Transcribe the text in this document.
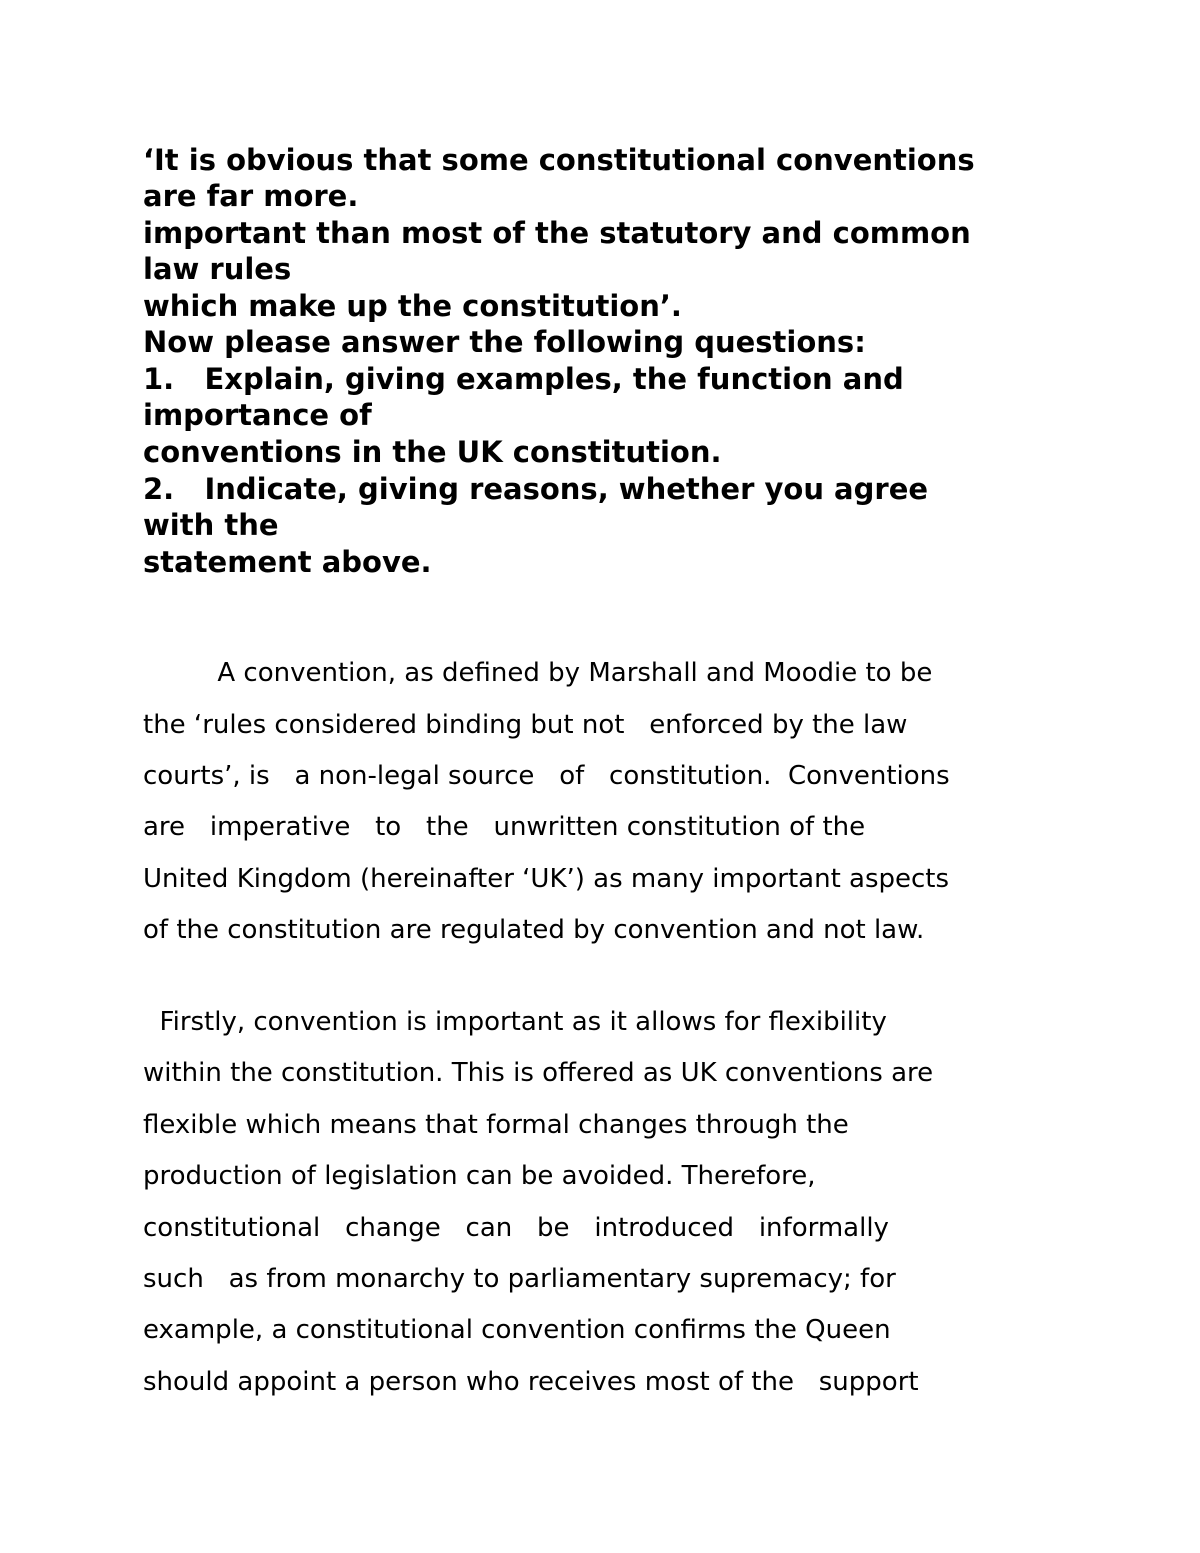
‘It is obvious that some constitutional conventions
are far more.
important than most of the statutory and common
law rules
which make up the constitution’.
Now please answer the following questions:
1.   Explain, giving examples, the function and
importance of
conventions in the UK constitution.
2.   Indicate, giving reasons, whether you agree
with the
statement above.
A convention, as defined by Marshall and Moodie to be
the ‘rules considered binding but not   enforced by the law
courts’, is   a non-legal source   of   constitution.  Conventions
are   imperative   to   the   unwritten constitution of the
United Kingdom (hereinafter ‘UK’) as many important aspects
of the constitution are regulated by convention and not law.
Firstly, convention is important as it allows for flexibility
within the constitution. This is offered as UK conventions are
flexible which means that formal changes through the
production of legislation can be avoided. Therefore,
constitutional   change   can   be   introduced   informally
such   as from monarchy to parliamentary supremacy; for
example, a constitutional convention confirms the Queen
should appoint a person who receives most of the   support
